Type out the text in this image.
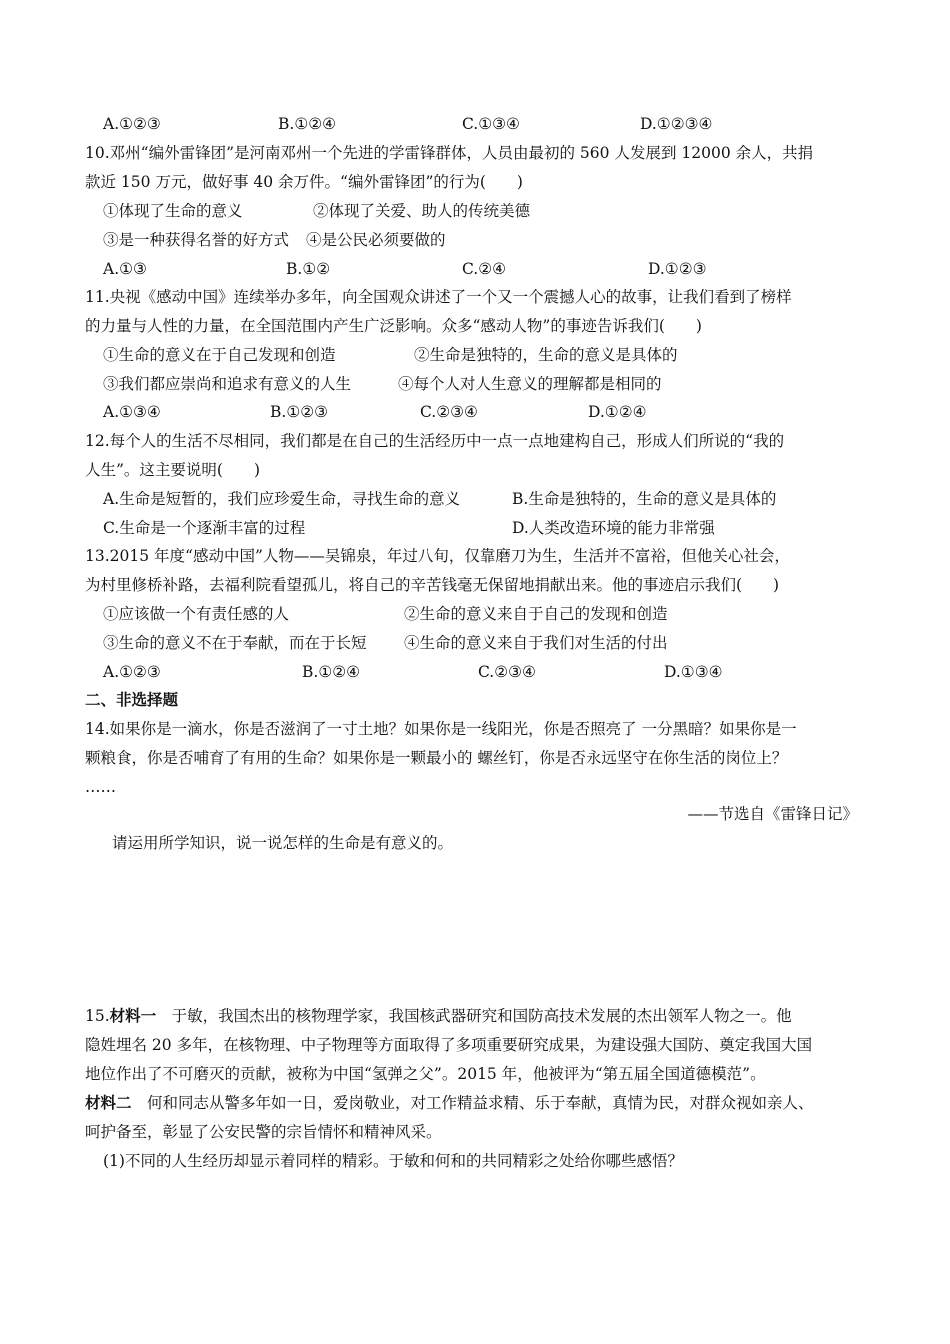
A.①②③	B.①②④	C.①③④	D.①②③④
10.邓州“编外雷锋团”是河南邓州一个先进的学雷锋群体，人员由最初的 560 人发展到 12000 余人，共捐
款近 150 万元，做好事 40 余万件。“编外雷锋团”的行为(　　)
①体现了生命的意义	②体现了关爱、助人的传统美德
③是一种获得名誉的好方式 ④是公民必须要做的
A.①③	B.①②	C.②④	D.①②③
11.央视《感动中国》连续举办多年，向全国观众讲述了一个又一个震撼人心的故事，让我们看到了榜样
的力量与人性的力量，在全国范围内产生广泛影响。众多“感动人物”的事迹告诉我们(　　)
①生命的意义在于自己发现和创造	②生命是独特的，生命的意义是具体的
③我们都应崇尚和追求有意义的人生	④每个人对人生意义的理解都是相同的
A.①③④	B.①②③	C.②③④	D.①②④
12.每个人的生活不尽相同，我们都是在自己的生活经历中一点一点地建构自己，形成人们所说的“我的
人生”。这主要说明(　　)
A.生命是短暂的，我们应珍爱生命，寻找生命的意义	B.生命是独特的，生命的意义是具体的
C.生命是一个逐渐丰富的过程	D.人类改造环境的能力非常强
13.2015 年度“感动中国”人物——吴锦泉，年过八旬，仅靠磨刀为生，生活并不富裕，但他关心社会，
为村里修桥补路，去福利院看望孤儿，将自己的辛苦钱毫无保留地捐献出来。他的事迹启示我们(　　)
①应该做一个有责任感的人	②生命的意义来自于自己的发现和创造
③生命的意义不在于奉献，而在于长短 ④生命的意义来自于我们对生活的付出
A.①②③	B.①②④	C.②③④	D.①③④
二、非选择题
14.如果你是一滴水，你是否滋润了一寸土地？如果你是一线阳光，你是否照亮了 一分黑暗？如果你是一
颗粮食，你是否哺育了有用的生命？如果你是一颗最小的 螺丝钉，你是否永远坚守在你生活的岗位上？
……
——节选自《雷锋日记》
请运用所学知识，说一说怎样的生命是有意义的。
15.材料一　于敏，我国杰出的核物理学家，我国核武器研究和国防高技术发展的杰出领军人物之一。他
隐姓埋名 20 多年，在核物理、中子物理等方面取得了多项重要研究成果，为建设强大国防、奠定我国大国
地位作出了不可磨灭的贡献，被称为中国“氢弹之父”。2015 年，他被评为“第五届全国道德模范”。
材料二　何和同志从警多年如一日，爱岗敬业，对工作精益求精、乐于奉献，真情为民，对群众视如亲人、
呵护备至，彰显了公安民警的宗旨情怀和精神风采。
(1)不同的人生经历却显示着同样的精彩。于敏和何和的共同精彩之处给你哪些感悟？
